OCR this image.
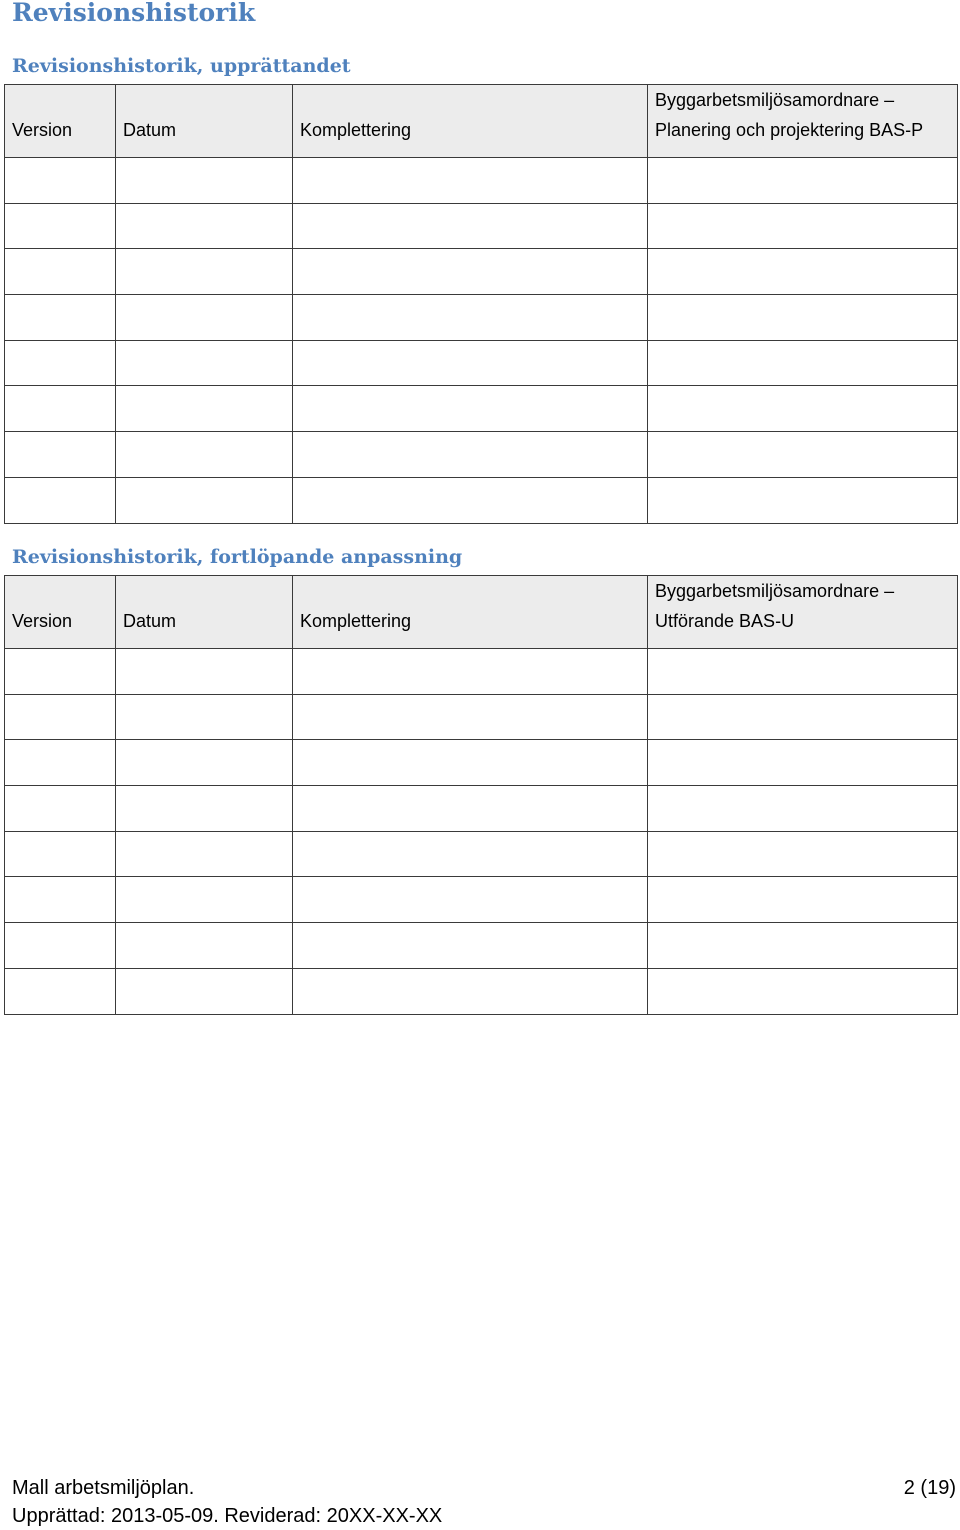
Revisionshistorik
Revisionshistorik, upprättandet
Version	Datum	Komplettering	Byggarbetsmiljösamordnare –
Planering och projektering BAS-P

Revisionshistorik, fortlöpande anpassning
Version	Datum	Komplettering	Byggarbetsmiljösamordnare –
Utförande BAS-U

Mall arbetsmiljöplan.
Upprättad: 2013-05-09. Reviderad: 20XX-XX-XX
2 (19)
